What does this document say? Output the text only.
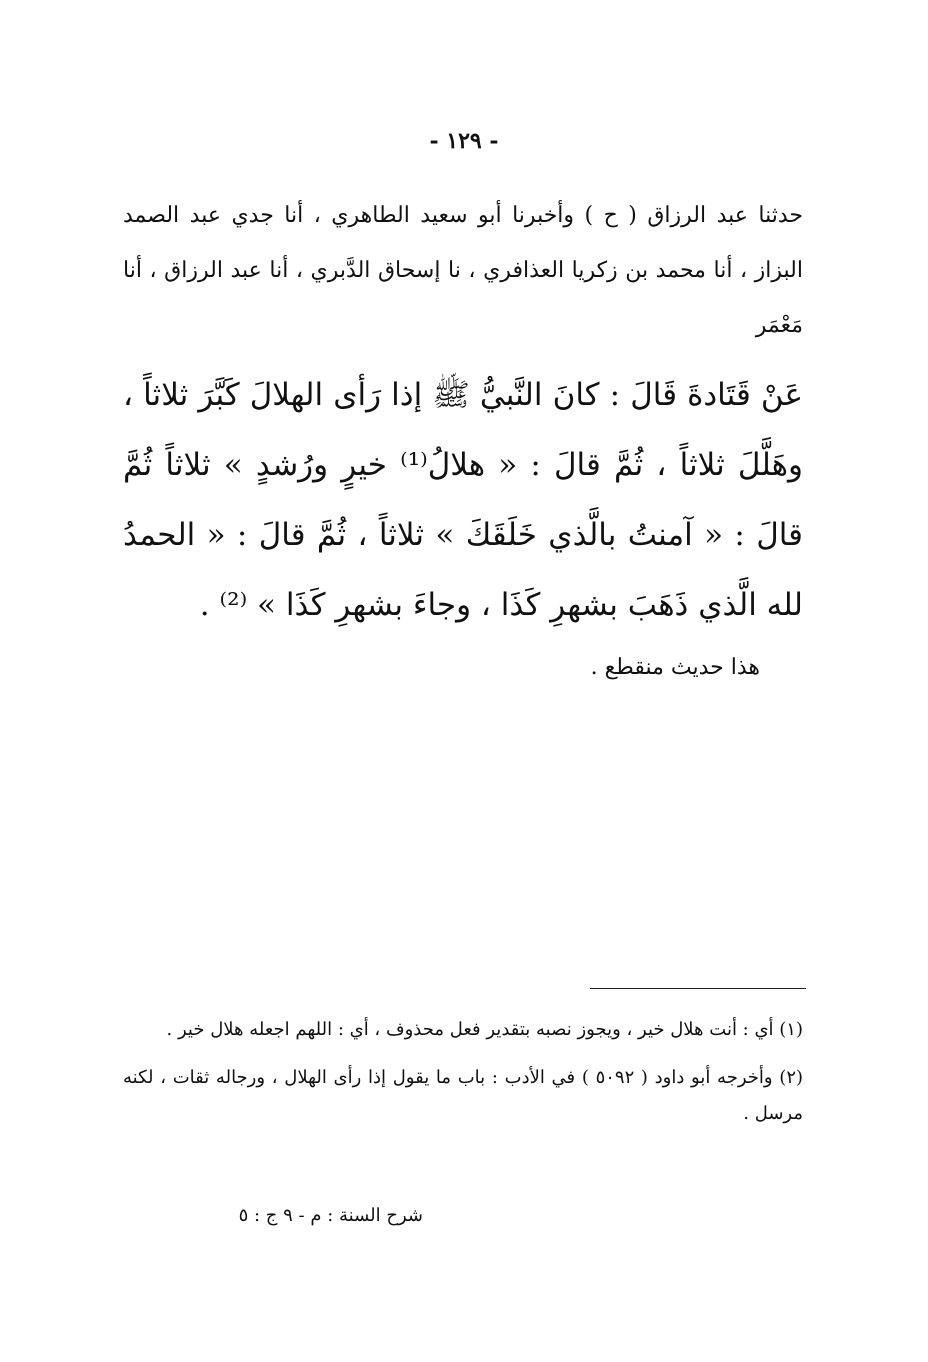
- ١٢٩ -
حدثنا عبد الرزاق ( ح ) وأخبرنا أبو سعيد الطاهري ، أنا جدي عبد الصمد البزاز ، أنا محمد بن زكريا العذافري ، نا إسحاق الدَّبري ، أنا عبد الرزاق ، أنا مَعْمَر
عَنْ قَتَادةَ قَالَ : كانَ النَّبيُّ ﷺ إذا رَأى الهلالَ كَبَّرَ ثلاثاً ، وهَلَّلَ ثلاثاً ، ثُمَّ قالَ : « هلالُ⁽¹⁾ خيرٍ ورُشدٍ » ثلاثاً ثُمَّ قالَ : « آمنتُ بالَّذي خَلَقَكَ » ثلاثاً ، ثُمَّ قالَ : « الحمدُ لله الَّذي ذَهَبَ بشهرِ كَذَا ، وجاءَ بشهرِ كَذَا » ⁽²⁾ .
هذا حديث منقطع .

(١) أي : أنت هلال خير ، ويجوز نصبه بتقدير فعل محذوف ، أي : اللهم اجعله هلال خير .

(٢) وأخرجه أبو داود ( ٥٠٩٢ ) في الأدب : باب ما يقول إذا رأى الهلال ، ورجاله ثقات ، لكنه مرسل .

شرح السنة : م - ٩ ج : ٥
